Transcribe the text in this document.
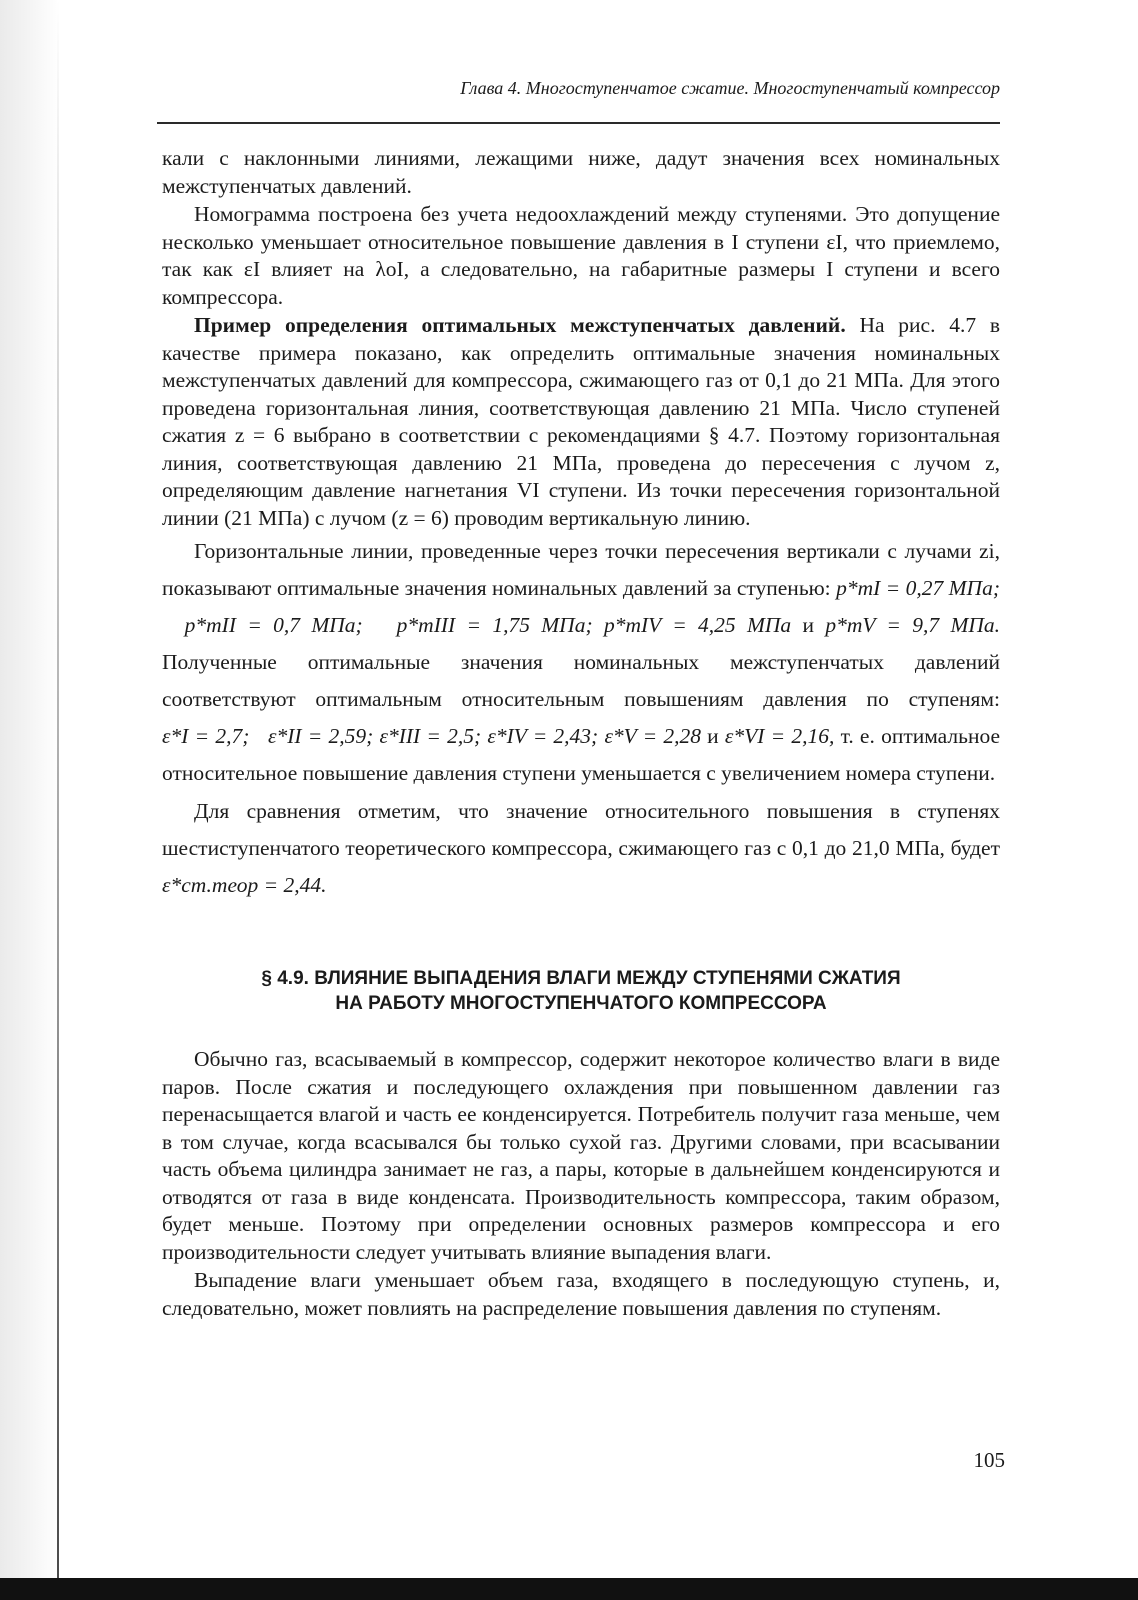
Глава 4. Многоступенчатое сжатие. Многоступенчатый компрессор

кали с наклонными линиями, лежащими ниже, дадут значения всех номинальных межступенчатых давлений.

Номограмма построена без учета недоохлаждений между ступенями. Это допущение несколько уменьшает относительное повышение давления в I ступени εI, что приемлемо, так как εI влияет на λoI, а следовательно, на габаритные размеры I ступени и всего компрессора.

Пример определения оптимальных межступенчатых давлений. На рис. 4.7 в качестве примера показано, как определить оптимальные значения номинальных межступенчатых давлений для компрессора, сжимающего газ от 0,1 до 21 МПа. Для этого проведена горизонтальная линия, соответствующая давлению 21 МПа. Число ступеней сжатия z = 6 выбрано в соответствии с рекомендациями § 4.7. Поэтому горизонтальная линия, соответствующая давлению 21 МПа, проведена до пересечения с лучом z, определяющим давление нагнетания VI ступени. Из точки пересечения горизонтальной линии (21 МПа) с лучом (z = 6) проводим вертикальную линию.

Горизонтальные линии, проведенные через точки пересечения вертикали с лучами zi, показывают оптимальные значения номинальных давлений за ступенью: p*mI = 0,27 МПа;   p*mII = 0,7 МПа; p*mIII = 1,75 МПа; p*mIV = 4,25 МПа и p*mV = 9,7 МПа. Полученные оптимальные значения номинальных межступенчатых давлений соответствуют оптимальным относительным повышениям давления по ступеням: ε*I = 2,7; ε*II = 2,59; ε*III = 2,5; ε*IV = 2,43; ε*V = 2,28 и ε*VI = 2,16, т. е. оптимальное относительное повышение давления ступени уменьшается с увеличением номера ступени.

Для сравнения отметим, что значение относительного повышения в ступенях шестиступенчатого теоретического компрессора, сжимающего газ с 0,1 до 21,0 МПа, будет ε*ст.теор = 2,44.

§ 4.9. ВЛИЯНИЕ ВЫПАДЕНИЯ ВЛАГИ МЕЖДУ СТУПЕНЯМИ СЖАТИЯ
НА РАБОТУ МНОГОСТУПЕНЧАТОГО КОМПРЕССОРА

Обычно газ, всасываемый в компрессор, содержит некоторое количество влаги в виде паров. После сжатия и последующего охлаждения при повышенном давлении газ перенасыщается влагой и часть ее конденсируется. Потребитель получит газа меньше, чем в том случае, когда всасывался бы только сухой газ. Другими словами, при всасывании часть объема цилиндра занимает не газ, а пары, которые в дальнейшем конденсируются и отводятся от газа в виде конденсата. Производительность компрессора, таким образом, будет меньше. Поэтому при определении основных размеров компрессора и его производительности следует учитывать влияние выпадения влаги.

Выпадение влаги уменьшает объем газа, входящего в последующую ступень, и, следовательно, может повлиять на распределение повышения давления по ступеням.

105
